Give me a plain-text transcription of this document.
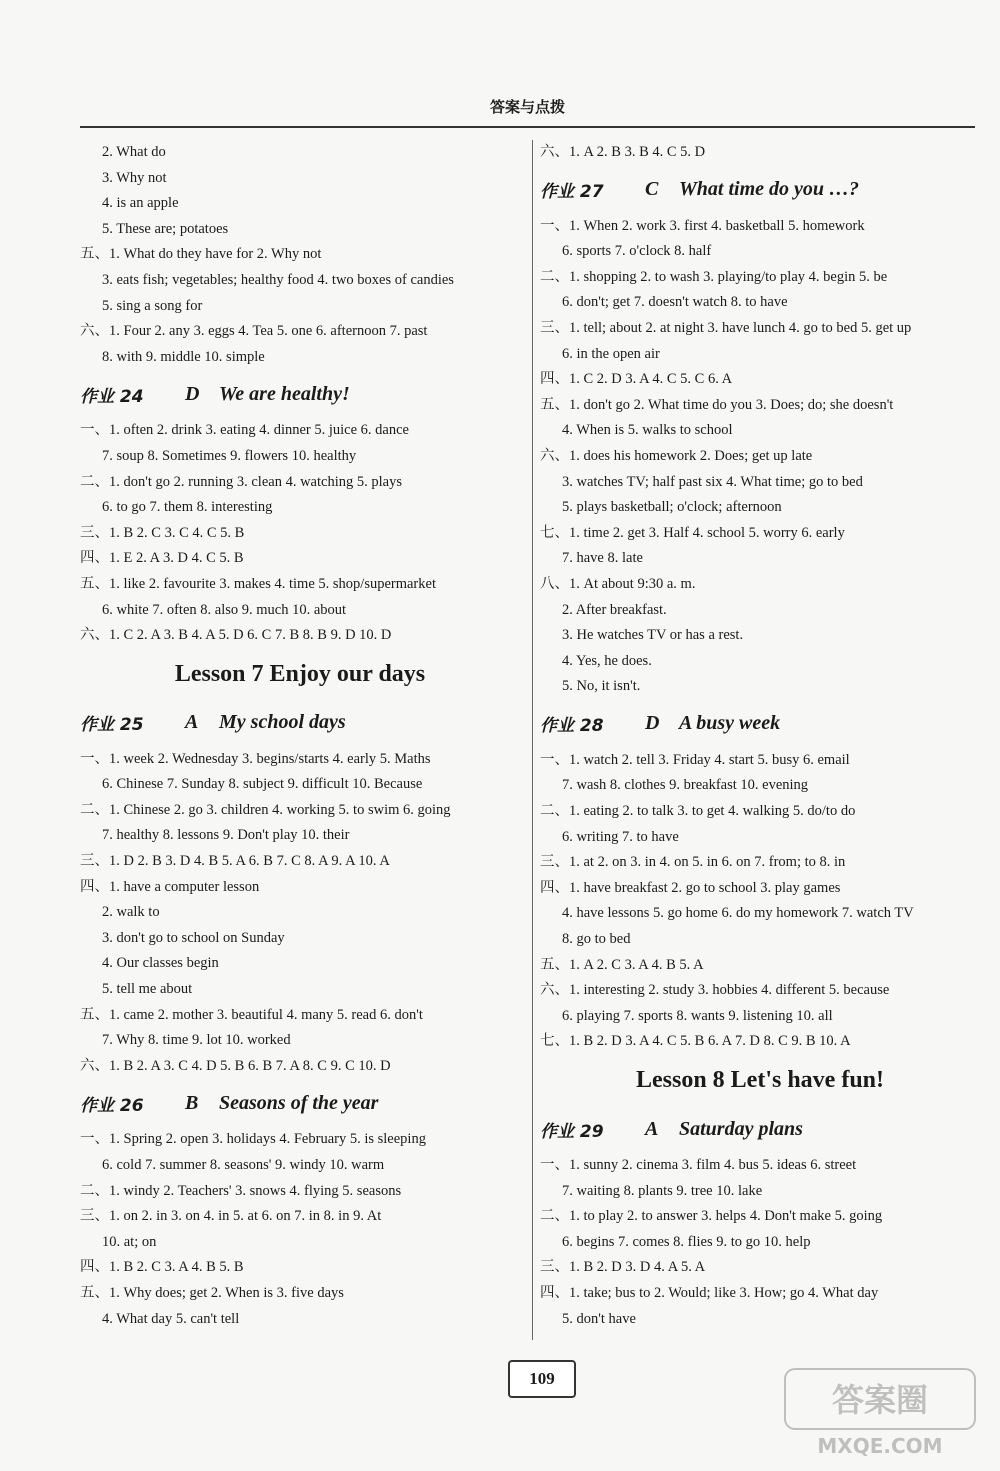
答案与点拨
2. What do
3. Why not
4. is an apple
5. These are; potatoes
五、1. What do they have for 2. Why not
3. eats fish; vegetables; healthy food 4. two boxes of candies
5. sing a song for
六、1. Four 2. any 3. eggs 4. Tea 5. one 6. afternoon 7. past
8. with 9. middle 10. simple
作业 24	D We are healthy!
一、1. often 2. drink 3. eating 4. dinner 5. juice 6. dance
7. soup 8. Sometimes 9. flowers 10. healthy
二、1. don't go 2. running 3. clean 4. watching 5. plays
6. to go 7. them 8. interesting
三、1. B 2. C 3. C 4. C 5. B
四、1. E 2. A 3. D 4. C 5. B
五、1. like 2. favourite 3. makes 4. time 5. shop/supermarket
6. white 7. often 8. also 9. much 10. about
六、1. C 2. A 3. B 4. A 5. D 6. C 7. B 8. B 9. D 10. D
Lesson 7 Enjoy our days
作业 25	A	My school days
一、1. week 2. Wednesday 3. begins/starts 4. early 5. Maths
6. Chinese 7. Sunday 8. subject 9. difficult 10. Because
二、1. Chinese 2. go 3. children 4. working 5. to swim 6. going
7. healthy 8. lessons 9. Don't play 10. their
三、1. D 2. B 3. D 4. B 5. A 6. B 7. C 8. A 9. A 10. A
四、1. have a computer lesson
2. walk to
3. don't go to school on Sunday
4. Our classes begin
5. tell me about
五、1. came 2. mother 3. beautiful 4. many 5. read 6. don't
7. Why 8. time 9. lot 10. worked
六、1. B 2. A 3. C 4. D 5. B 6. B 7. A 8. C 9. C 10. D
作业 26	B	Seasons of the year
一、1. Spring 2. open 3. holidays 4. February 5. is sleeping
6. cold 7. summer 8. seasons' 9. windy 10. warm
二、1. windy 2. Teachers' 3. snows 4. flying 5. seasons
三、1. on 2. in 3. on 4. in 5. at 6. on 7. in 8. in 9. At
10. at; on
四、1. B 2. C 3. A 4. B 5. B
五、1. Why does; get 2. When is 3. five days
4. What day 5. can't tell
六、1. A 2. B 3. B 4. C 5. D
作业 27	C	What time do you …?
一、1. When 2. work 3. first 4. basketball 5. homework
6. sports 7. o'clock 8. half
二、1. shopping 2. to wash 3. playing/to play 4. begin 5. be
6. don't; get 7. doesn't watch 8. to have
三、1. tell; about 2. at night 3. have lunch 4. go to bed 5. get up
6. in the open air
四、1. C 2. D 3. A 4. C 5. C 6. A
五、1. don't go 2. What time do you 3. Does; do; she doesn't
4. When is 5. walks to school
六、1. does his homework 2. Does; get up late
3. watches TV; half past six 4. What time; go to bed
5. plays basketball; o'clock; afternoon
七、1. time 2. get 3. Half 4. school 5. worry 6. early
7. have 8. late
八、1. At about 9:30 a. m.
2. After breakfast.
3. He watches TV or has a rest.
4. Yes, he does.
5. No, it isn't.
作业 28	D A busy week
一、1. watch 2. tell 3. Friday 4. start 5. busy 6. email
7. wash 8. clothes 9. breakfast 10. evening
二、1. eating 2. to talk 3. to get 4. walking 5. do/to do
6. writing 7. to have
三、1. at 2. on 3. in 4. on 5. in 6. on 7. from; to 8. in
四、1. have breakfast 2. go to school 3. play games
4. have lessons 5. go home 6. do my homework 7. watch TV
8. go to bed
五、1. A 2. C 3. A 4. B 5. A
六、1. interesting 2. study 3. hobbies 4. different 5. because
6. playing 7. sports 8. wants 9. listening 10. all
七、1. B 2. D 3. A 4. C 5. B 6. A 7. D 8. C 9. B 10. A
Lesson 8 Let's have fun!
作业 29	A	Saturday plans
一、1. sunny 2. cinema 3. film 4. bus 5. ideas 6. street
7. waiting 8. plants 9. tree 10. lake
二、1. to play 2. to answer 3. helps 4. Don't make 5. going
6. begins 7. comes 8. flies 9. to go 10. help
三、1. B 2. D 3. D 4. A 5. A
四、1. take; bus to 2. Would; like 3. How; go 4. What day
5. don't have
109
答案圈
MXQE.COM
